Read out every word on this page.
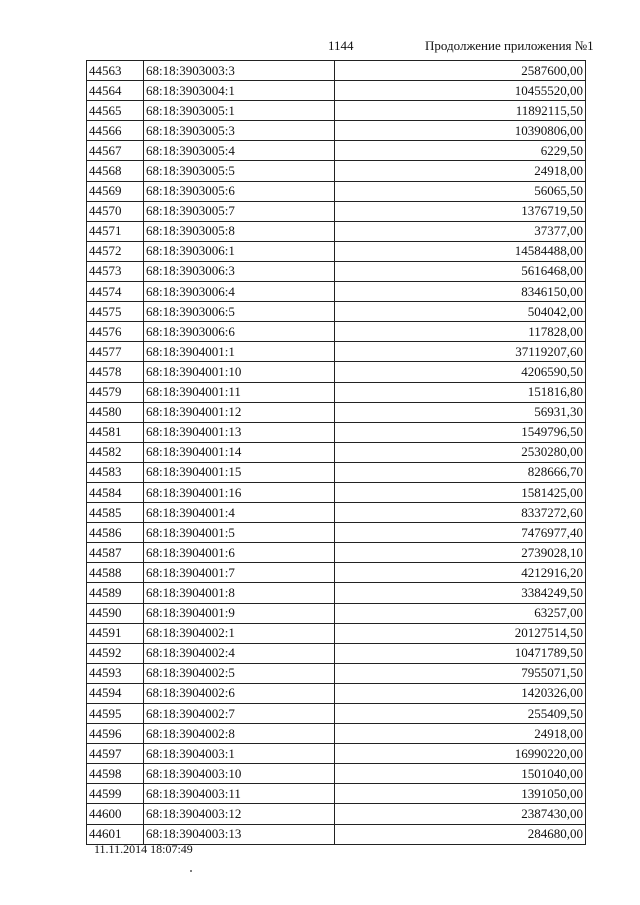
1144	Продолжение приложения №1
44563	68:18:3903003:3	2587600,00
44564	68:18:3903004:1	10455520,00
44565	68:18:3903005:1	11892115,50
44566	68:18:3903005:3	10390806,00
44567	68:18:3903005:4	6229,50
44568	68:18:3903005:5	24918,00
44569	68:18:3903005:6	56065,50
44570	68:18:3903005:7	1376719,50
44571	68:18:3903005:8	37377,00
44572	68:18:3903006:1	14584488,00
44573	68:18:3903006:3	5616468,00
44574	68:18:3903006:4	8346150,00
44575	68:18:3903006:5	504042,00
44576	68:18:3903006:6	117828,00
44577	68:18:3904001:1	37119207,60
44578	68:18:3904001:10	4206590,50
44579	68:18:3904001:11	151816,80
44580	68:18:3904001:12	56931,30
44581	68:18:3904001:13	1549796,50
44582	68:18:3904001:14	2530280,00
44583	68:18:3904001:15	828666,70
44584	68:18:3904001:16	1581425,00
44585	68:18:3904001:4	8337272,60
44586	68:18:3904001:5	7476977,40
44587	68:18:3904001:6	2739028,10
44588	68:18:3904001:7	4212916,20
44589	68:18:3904001:8	3384249,50
44590	68:18:3904001:9	63257,00
44591	68:18:3904002:1	20127514,50
44592	68:18:3904002:4	10471789,50
44593	68:18:3904002:5	7955071,50
44594	68:18:3904002:6	1420326,00
44595	68:18:3904002:7	255409,50
44596	68:18:3904002:8	24918,00
44597	68:18:3904003:1	16990220,00
44598	68:18:3904003:10	1501040,00
44599	68:18:3904003:11	1391050,00
44600	68:18:3904003:12	2387430,00
44601	68:18:3904003:13	284680,00
11.11.2014 18:07:49
